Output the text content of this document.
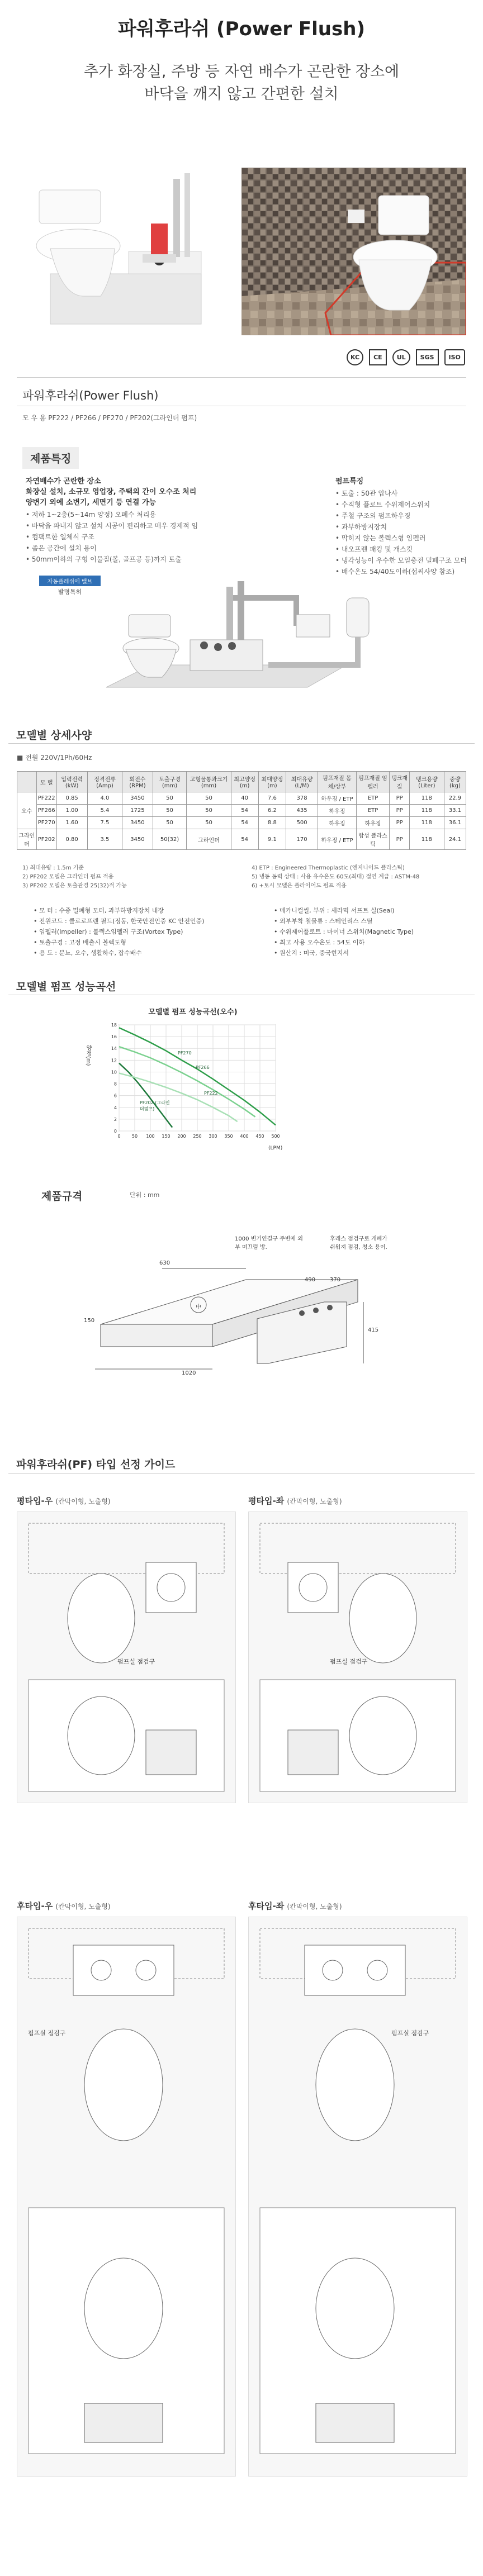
파워후라쉬 (Power Flush)
추가 화장실, 주방 등 자연 배수가 곤란한 장소에
바닥을 깨지 않고 간편한 설치
KC	CE	UL	SGS	ISO
파워후라쉬(Power Flush)
모 우 용 PF222 / PF266 / PF270 / PF202(그라인더 펌프)
제품특징
자연배수가 곤란한 장소
화장실 설치, 소규모 영업장, 주택의 간이 오수조 처리
양변기 외에 소변기, 세면기 등 연결 가능
• 저하 1~2층(5~14m 양정) 오폐수 처리용
• 바닥을 파내지 않고 설치 시공이 편리하고 매우 경제적 임
• 컴팩트한 일체식 구조
• 좁은 공간에 설치 용이
• 50mm이하의 구형 이물질(볼, 골프공 등)까지 토출
펌프특징
• 토출 : 50관 압나사
• 수직형 플로트 수위제어스위치
• 주철 구조의 펌프하우징
• 과부하방지장치
• 막히지 않는 볼렉스형 임펠러
• 내오프렌 패킹 및 개스킷
• 냉각성능이 우수한 모일충전 밀폐구조 모터
• 배수온도 54/40도이하(섭씨사양 참조)
자동플레쉬에 밸브
발명특허
모델별 상세사양
■ 전원 220V/1Ph/60Hz
	모 델	입력전력(kW)	정격전류(Amp)	회전수(RPM)	토출구경(mm)	고형물통과크기(mm)	최고양정(m)	최대양정(m)	최대유량(L/M)	펌프재질 몸체/상부	펌프재질 임펠러	탱크재질	탱크용량(Liter)	중량(kg)
오수	PF222	0.85	4.0	3450	50	50	40	7.6	378	하우징 / ETP	ETP	PP	118	22.9
	PF266	1.00	5.4	1725	50	50	54	6.2	435	하우징	ETP	PP	118	33.1
	PF270	1.60	7.5	3450	50	50	54	8.8	500	하우징	하우징	PP	118	36.1
그라인더	PF202	0.80	3.5	3450	50(32)	그라인더	54	9.1	170	하우징 / ETP	합성 플라스틱	PP	118	24.1
1) 최대유량 : 1.5m 기준
2) PF202 모델은 그라인더 펌프 적용
3) PF202 모델은 토출관경 25(32)적 가능
4) ETP : Engineered Thermoplastic (엔지니어드 플라스틱)
5) 냉동 동력 상태 : 사용 유수온도 60도(최대) 절연 계급 : ASTM-48
6) +토시 모델은 플라이어드 펌프 적용
• 모 터 : 수중 밀폐형 모터, 과부하방지장치 내장
• 전원코드 : 클로로프렌 필드(정동, 한국안전인증 KC 안전인증)
• 임펠러(Impeller) : 볼렉스임펠러 구조(Vortex Type)
• 토출구경 : 고정 배출시 볼렉도형
• 용 도 : 분뇨, 오수, 생활하수, 잡수배수
• 메카니컬씰, 부위 : 세라믹 서프트 실(Seal)
• 외부부착 철물류 : 스테인리스 스틸
• 수위제어플로트 : 마이너 스위치(Magnetic Type)
• 최고 사용 오수온도 : 54도 이하
• 원산지 : 미국, 중국현지서
모델별 펌프 성능곡선
모델별 펌프 성능곡선(오수)
0	50 100 150 200 250 300 350 400 450 500
0
2
4
6
8
10
12
14
16
18
양정(m)
(LPM)
PF270
PF266
PF202 (그라인더펌프)
PF222
제품규격	단위 : mm
1000 변기연결구 주변에 외부 미끄럼 방.
후레스 점검구로 개폐가 쉬워져 점검, 청소 용이.
630
150
1020
490	370
415
中
파워후라쉬(PF) 타입 선정 가이드
평타입-우 (칸막이형, 노출형)
펌프실 점검구
평타입-좌 (칸막이형, 노출형)
펌프실 점검구
후타입-우 (칸막이형, 노출형)
펌프실 점검구
후타입-좌 (칸막이형, 노출형)
펌프실 점검구
